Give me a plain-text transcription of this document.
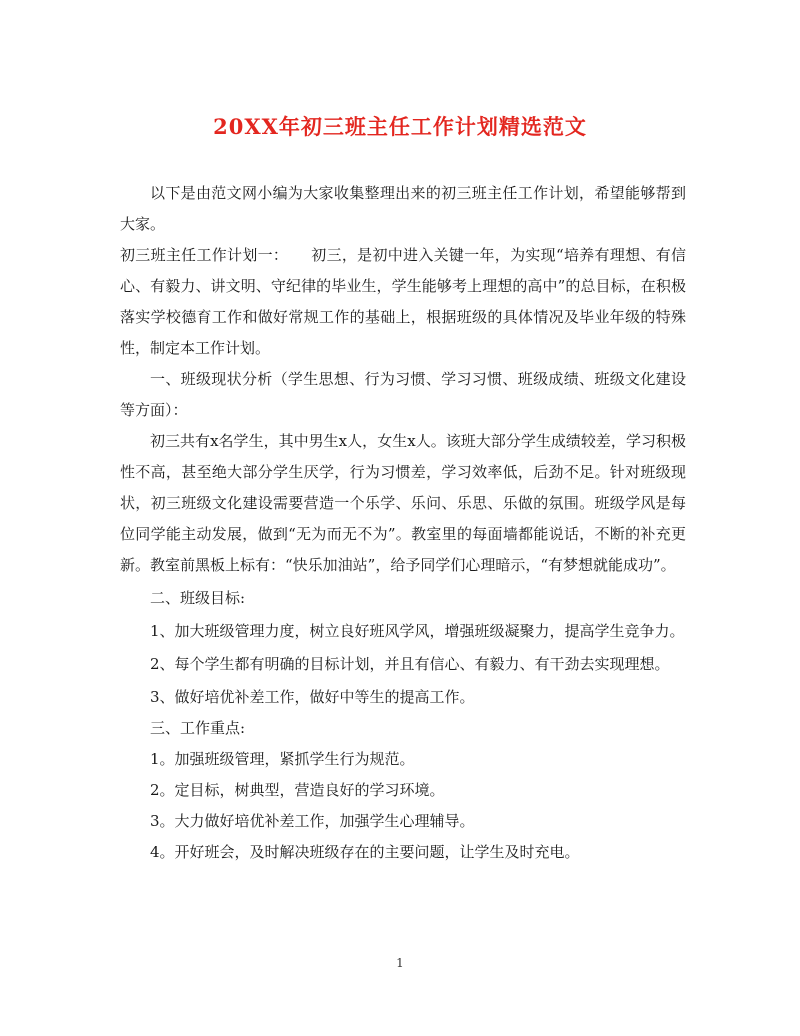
20XX年初三班主任工作计划精选范文

以下是由范文网小编为大家收集整理出来的初三班主任工作计划，希望能够帮到大家。

初三班主任工作计划一：　　初三，是初中进入关键一年，为实现“培养有理想、有信心、有毅力、讲文明、守纪律的毕业生，学生能够考上理想的高中”的总目标，在积极落实学校德育工作和做好常规工作的基础上，根据班级的具体情况及毕业年级的特殊性，制定本工作计划。

一、班级现状分析（学生思想、行为习惯、学习习惯、班级成绩、班级文化建设等方面）：

初三共有x名学生，其中男生x人，女生x人。该班大部分学生成绩较差，学习积极性不高，甚至绝大部分学生厌学，行为习惯差，学习效率低，后劲不足。针对班级现状，初三班级文化建设需要营造一个乐学、乐问、乐思、乐做的氛围。班级学风是每位同学能主动发展，做到“无为而无不为”。教室里的每面墙都能说话，不断的补充更新。教室前黑板上标有：“快乐加油站”，给予同学们心理暗示，“有梦想就能成功”。

二、班级目标:

1、加大班级管理力度，树立良好班风学风，增强班级凝聚力，提高学生竞争力。

2、每个学生都有明确的目标计划，并且有信心、有毅力、有干劲去实现理想。

3、做好培优补差工作，做好中等生的提高工作。

三、工作重点:

1。加强班级管理，紧抓学生行为规范。

2。定目标，树典型，营造良好的学习环境。

3。大力做好培优补差工作，加强学生心理辅导。

4。开好班会，及时解决班级存在的主要问题，让学生及时充电。

1
